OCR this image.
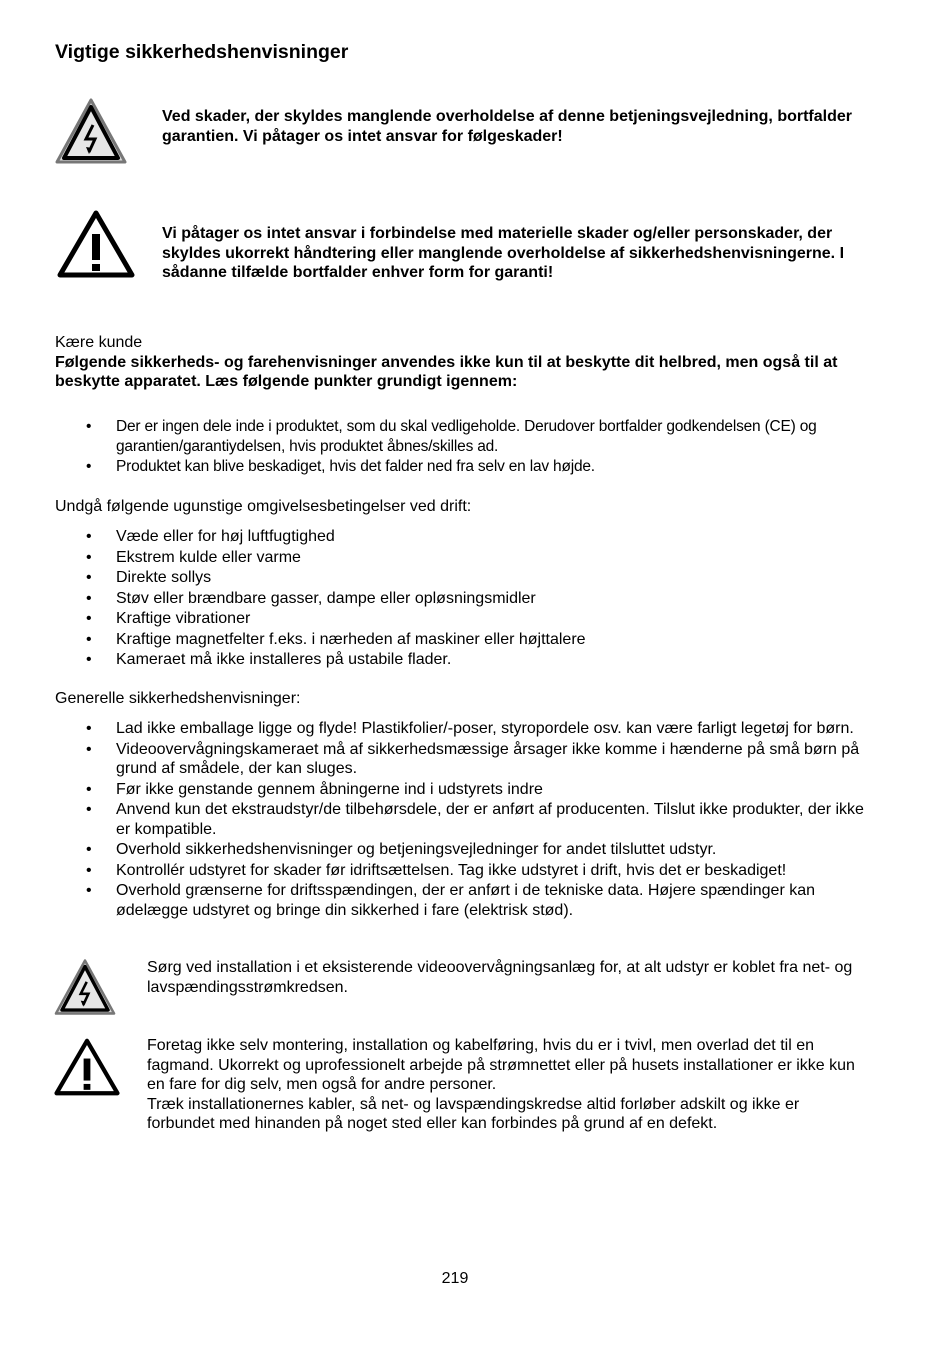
Vigtige sikkerhedshenvisninger
Ved skader, der skyldes manglende overholdelse af denne betjeningsvejledning, bortfalder garantien. Vi påtager os intet ansvar for følgeskader!
Vi påtager os intet ansvar i forbindelse med materielle skader og/eller personskader, der skyldes ukorrekt håndtering eller manglende overholdelse af sikkerhedshenvisningerne. I sådanne tilfælde bortfalder enhver form for garanti!
Kære kunde
Følgende sikkerheds- og farehenvisninger anvendes ikke kun til at beskytte dit helbred, men også til at beskytte apparatet. Læs følgende punkter grundigt igennem:
• Der er ingen dele inde i produktet, som du skal vedligeholde. Derudover bortfalder godkendelsen (CE) og garantien/garantiydelsen, hvis produktet åbnes/skilles ad.
• Produktet kan blive beskadiget, hvis det falder ned fra selv en lav højde.
Undgå følgende ugunstige omgivelsesbetingelser ved drift:
• Væde eller for høj luftfugtighed
• Ekstrem kulde eller varme
• Direkte sollys
• Støv eller brændbare gasser, dampe eller opløsningsmidler
• Kraftige vibrationer
• Kraftige magnetfelter f.eks. i nærheden af maskiner eller højttalere
• Kameraet må ikke installeres på ustabile flader.
Generelle sikkerhedshenvisninger:
• Lad ikke emballage ligge og flyde! Plastikfolier/-poser, styropordele osv. kan være farligt legetøj for børn.
• Videoovervågningskameraet må af sikkerhedsmæssige årsager ikke komme i hænderne på små børn på grund af smådele, der kan sluges.
• Før ikke genstande gennem åbningerne ind i udstyrets indre
• Anvend kun det ekstraudstyr/de tilbehørsdele, der er anført af producenten. Tilslut ikke produkter, der ikke er kompatible.
• Overhold sikkerhedshenvisninger og betjeningsvejledninger for andet tilsluttet udstyr.
• Kontrollér udstyret for skader før idriftsættelsen. Tag ikke udstyret i drift, hvis det er beskadiget!
• Overhold grænserne for driftsspændingen, der er anført i de tekniske data. Højere spændinger kan ødelægge udstyret og bringe din sikkerhed i fare (elektrisk stød).
Sørg ved installation i et eksisterende videoovervågningsanlæg for, at alt udstyr er koblet fra net- og lavspændingsstrømkredsen.
Foretag ikke selv montering, installation og kabelføring, hvis du er i tvivl, men overlad det til en fagmand. Ukorrekt og uprofessionelt arbejde på strømnettet eller på husets installationer er ikke kun en fare for dig selv, men også for andre personer.
Træk installationernes kabler, så net- og lavspændingskredse altid forløber adskilt og ikke er forbundet med hinanden på noget sted eller kan forbindes på grund af en defekt.
219
